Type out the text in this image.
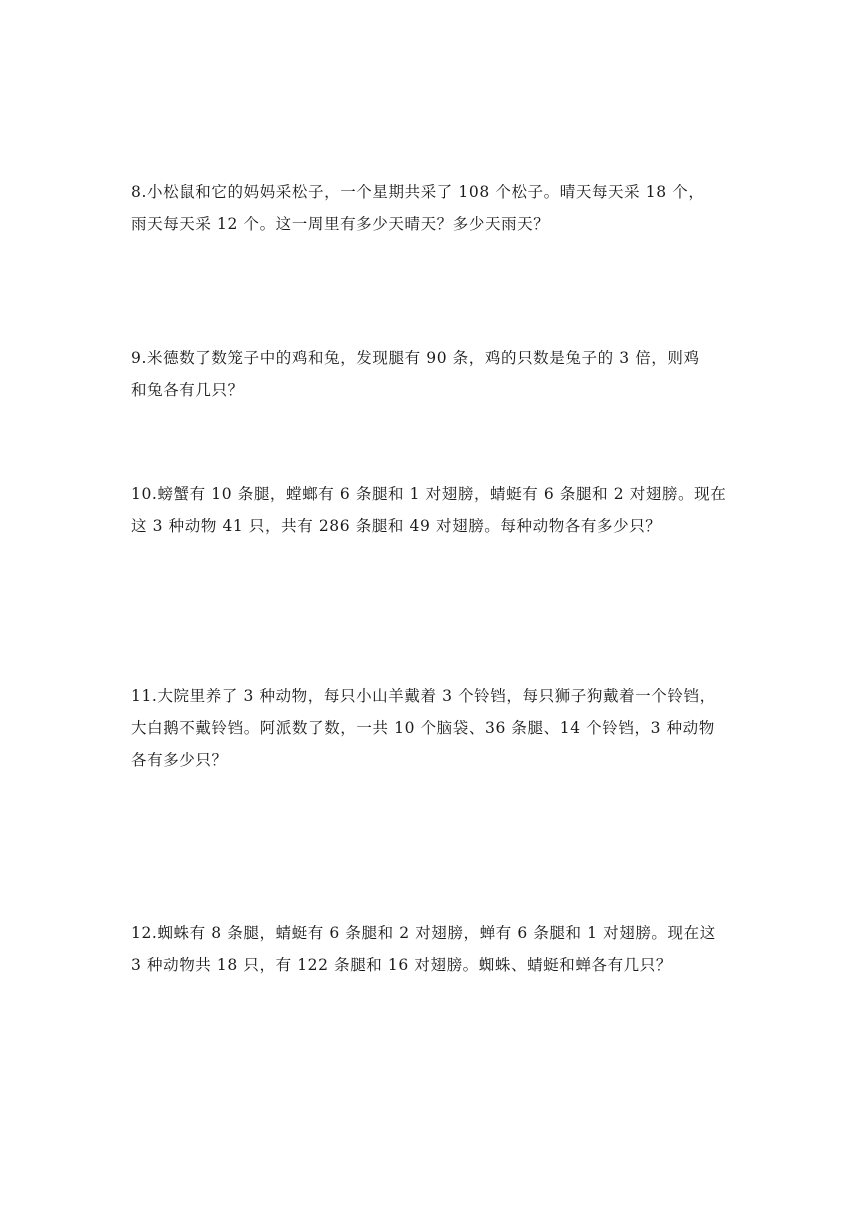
8.小松鼠和它的妈妈采松子，一个星期共采了 108 个松子。晴天每天采 18 个，
雨天每天采 12 个。这一周里有多少天晴天？多少天雨天？
9.米德数了数笼子中的鸡和兔，发现腿有 90 条，鸡的只数是兔子的 3 倍，则鸡
和兔各有几只？
10.螃蟹有 10 条腿，螳螂有 6 条腿和 1 对翅膀，蜻蜓有 6 条腿和 2 对翅膀。现在
这 3 种动物 41 只，共有 286 条腿和 49 对翅膀。每种动物各有多少只？
11.大院里养了 3 种动物，每只小山羊戴着 3 个铃铛，每只狮子狗戴着一个铃铛，
大白鹅不戴铃铛。阿派数了数，一共 10 个脑袋、36 条腿、14 个铃铛，3 种动物
各有多少只？
12.蜘蛛有 8 条腿，蜻蜓有 6 条腿和 2 对翅膀，蝉有 6 条腿和 1 对翅膀。现在这
3 种动物共 18 只，有 122 条腿和 16 对翅膀。蜘蛛、蜻蜓和蝉各有几只？
